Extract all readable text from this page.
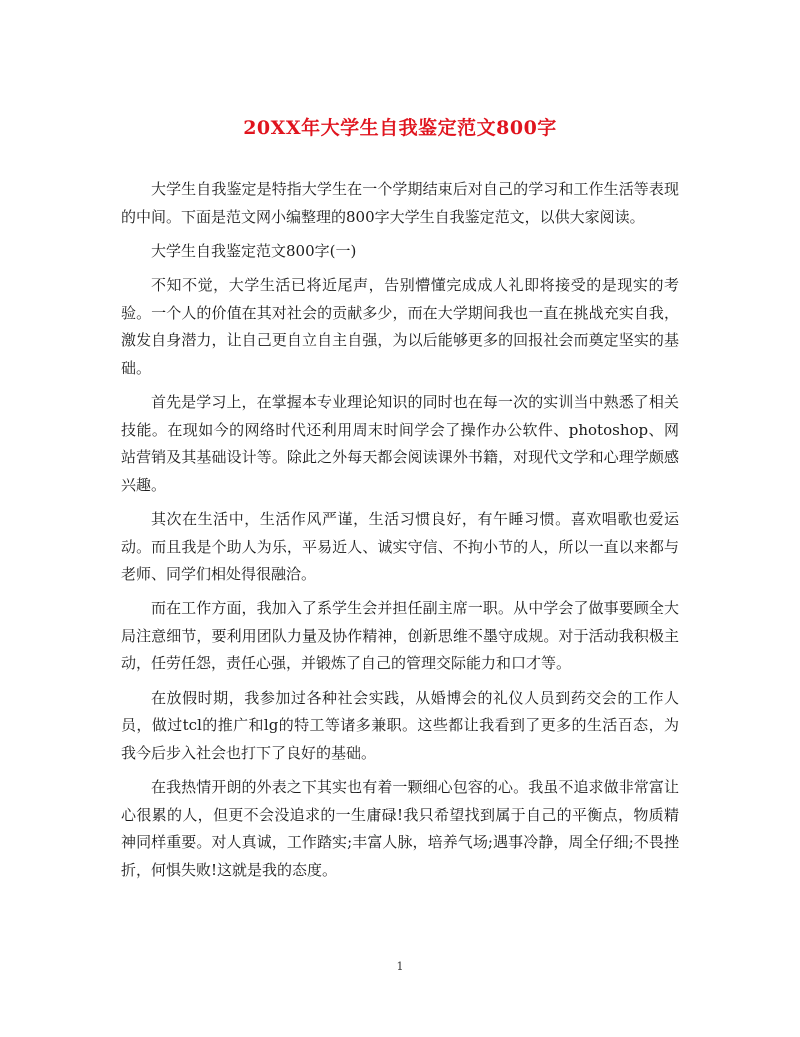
20XX年大学生自我鉴定范文800字

大学生自我鉴定是特指大学生在一个学期结束后对自己的学习和工作生活等表现的中间。下面是范文网小编整理的800字大学生自我鉴定范文，以供大家阅读。

大学生自我鉴定范文800字(一)

不知不觉，大学生活已将近尾声，告别懵懂完成成人礼即将接受的是现实的考验。一个人的价值在其对社会的贡献多少，而在大学期间我也一直在挑战充实自我，激发自身潜力，让自己更自立自主自强，为以后能够更多的回报社会而奠定坚实的基础。

首先是学习上，在掌握本专业理论知识的同时也在每一次的实训当中熟悉了相关技能。在现如今的网络时代还利用周末时间学会了操作办公软件、photoshop、网站营销及其基础设计等。除此之外每天都会阅读课外书籍，对现代文学和心理学颇感兴趣。

其次在生活中，生活作风严谨，生活习惯良好，有午睡习惯。喜欢唱歌也爱运动。而且我是个助人为乐，平易近人、诚实守信、不拘小节的人，所以一直以来都与老师、同学们相处得很融洽。

而在工作方面，我加入了系学生会并担任副主席一职。从中学会了做事要顾全大局注意细节，要利用团队力量及协作精神，创新思维不墨守成规。对于活动我积极主动，任劳任怨，责任心强，并锻炼了自己的管理交际能力和口才等。

在放假时期，我参加过各种社会实践，从婚博会的礼仪人员到药交会的工作人员，做过tcl的推广和lg的特工等诸多兼职。这些都让我看到了更多的生活百态，为我今后步入社会也打下了良好的基础。

在我热情开朗的外表之下其实也有着一颗细心包容的心。我虽不追求做非常富让心很累的人，但更不会没追求的一生庸碌!我只希望找到属于自己的平衡点，物质精神同样重要。对人真诚，工作踏实;丰富人脉，培养气场;遇事冷静，周全仔细;不畏挫折，何惧失败!这就是我的态度。

1
